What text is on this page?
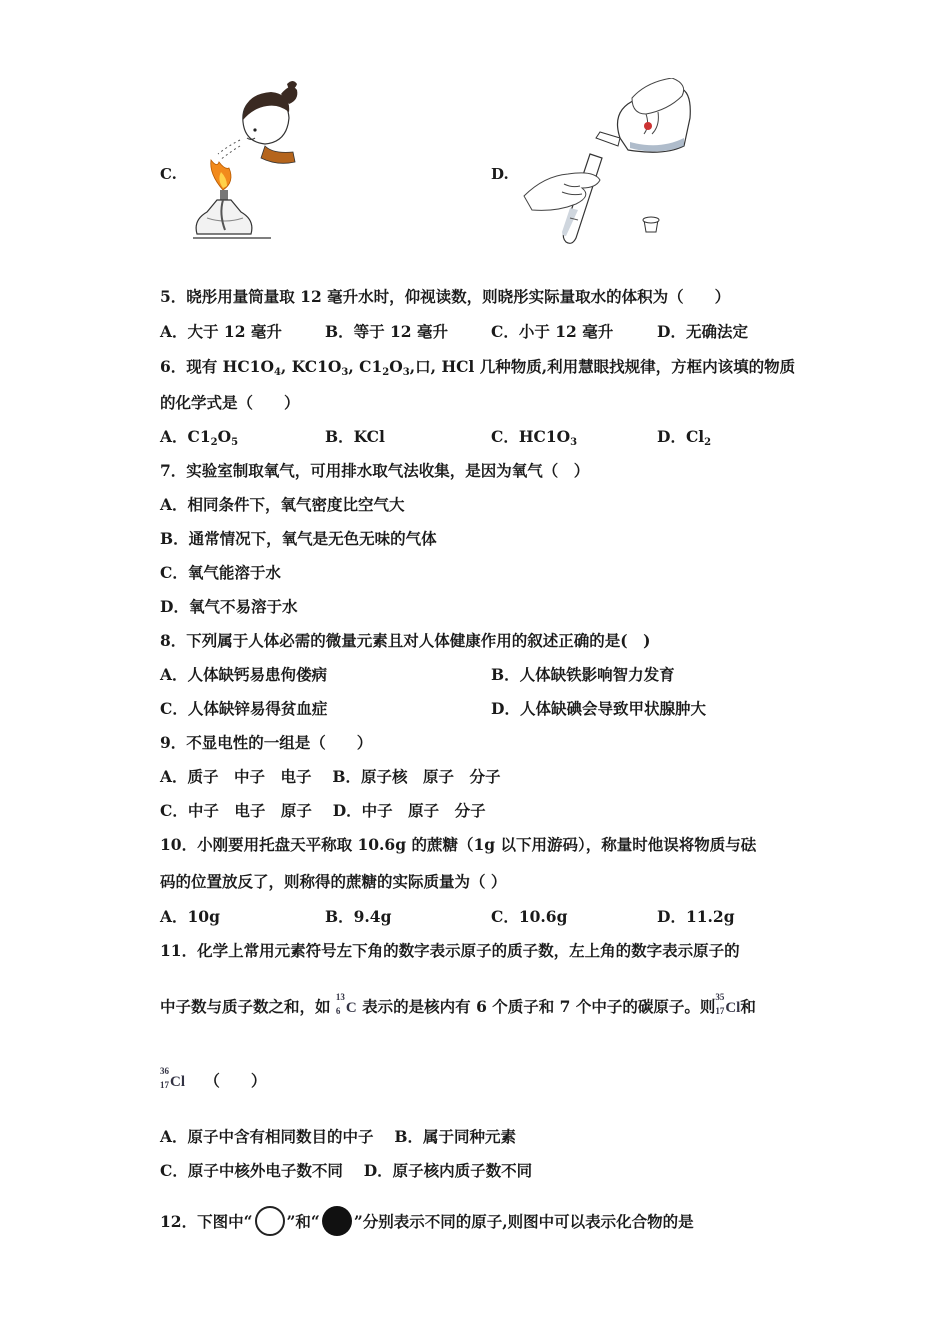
C.	D.
5．晓彤用量筒量取 12 毫升水时，仰视读数，则晓彤实际量取水的体积为（　　）
A．大于 12 毫升	B．等于 12 毫升	C．小于 12 毫升	D．无确法定
6．现有 $HC1O_4$, $KC1O_3$, $C1_2O_3$,口, HCl 几种物质,利用慧眼找规律，方框内该填的物质
的化学式是（　　）
A．$C1_2O_5$	B．KCl	C．$HC1O_3$	D．$Cl_2$
7．实验室制取氧气，可用排水取气法收集，是因为氧气（　）
A．相同条件下，氧气密度比空气大
B．通常情况下，氧气是无色无味的气体
C．氧气能溶于水
D．氧气不易溶于水
8．下列属于人体必需的微量元素且对人体健康作用的叙述正确的是(　)
A．人体缺钙易患佝偻病	B．人体缺铁影响智力发育
C．人体缺锌易得贫血症	D．人体缺碘会导致甲状腺肿大
9．不显电性的一组是（　　）
A．质子　中子　电子　 B．原子核　原子　分子
C．中子　电子　原子　 D．中子　原子　分子
10．小刚要用托盘天平称取 10.6g 的蔗糖（1g 以下用游码），称量时他误将物质与砝
码的位置放反了，则称得的蔗糖的实际质量为（ ）
A．10g	B．9.4g	C．10.6g	D．11.2g
11．化学上常用元素符号左下角的数字表示原子的质子数，左上角的数字表示原子的
中子数与质子数之和，如 13
6 C 表示的是核内有 6 个质子和 7 个中子的碳原子。则 35
17 Cl和
36
17 Cl （　　）
A．原子中含有相同数目的中子　 B．属于同种元素
C．原子中核外电子数不同　 D．原子核内质子数不同
12．下图中“ ”和“ ”分别表示不同的原子,则图中可以表示化合物的是
